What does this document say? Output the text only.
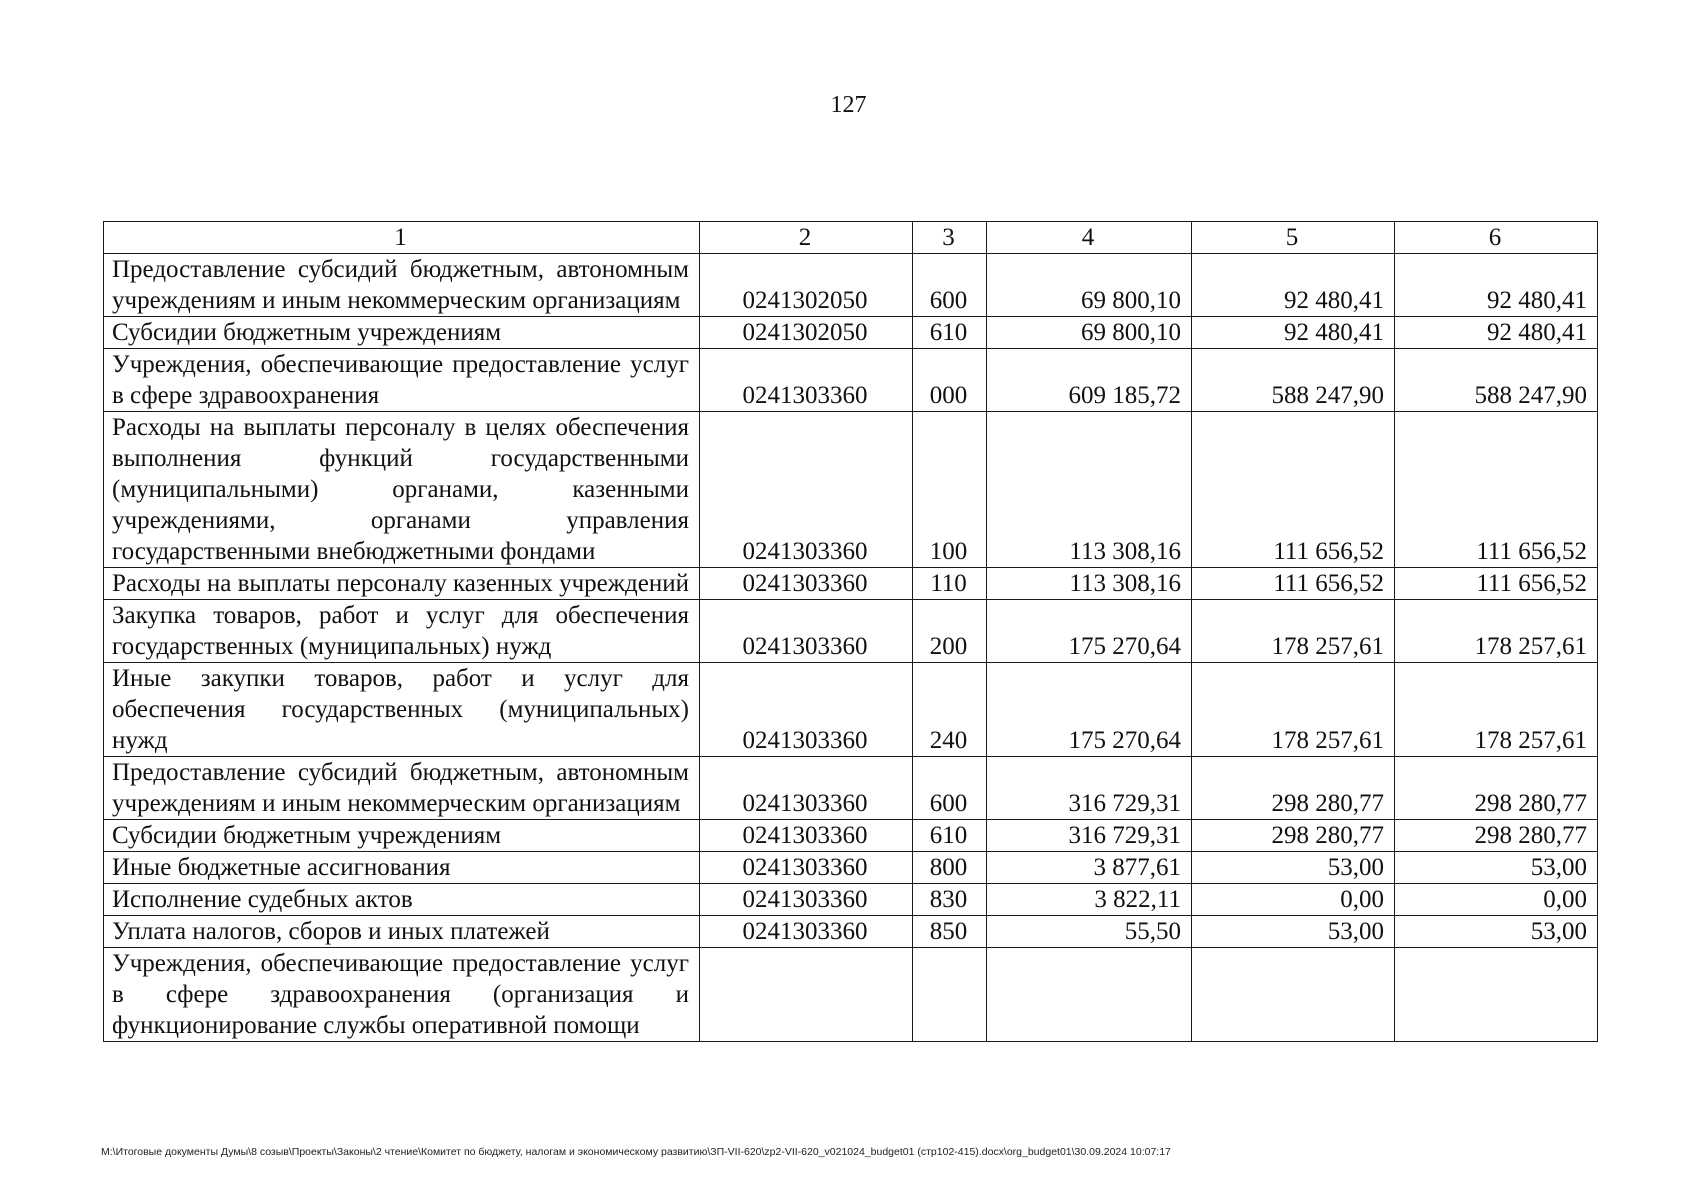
127
1	2	3	4	5	6
Предоставление субсидий бюджетным, автономным учреждениям и иным некоммерческим организациям	0241302050	600	69 800,10	92 480,41	92 480,41
Субсидии бюджетным учреждениям	0241302050	610	69 800,10	92 480,41	92 480,41
Учреждения, обеспечивающие предоставление услуг в сфере здравоохранения	0241303360	000	609 185,72	588 247,90	588 247,90
Расходы на выплаты персоналу в целях обеспечения выполнения функций государственными (муниципальными) органами, казенными учреждениями, органами управления государственными внебюджетными фондами	0241303360	100	113 308,16	111 656,52	111 656,52
Расходы на выплаты персоналу казенных учреждений	0241303360	110	113 308,16	111 656,52	111 656,52
Закупка товаров, работ и услуг для обеспечения государственных (муниципальных) нужд	0241303360	200	175 270,64	178 257,61	178 257,61
Иные закупки товаров, работ и услуг для обеспечения государственных (муниципальных) нужд	0241303360	240	175 270,64	178 257,61	178 257,61
Предоставление субсидий бюджетным, автономным учреждениям и иным некоммерческим организациям	0241303360	600	316 729,31	298 280,77	298 280,77
Субсидии бюджетным учреждениям	0241303360	610	316 729,31	298 280,77	298 280,77
Иные бюджетные ассигнования	0241303360	800	3 877,61	53,00	53,00
Исполнение судебных актов	0241303360	830	3 822,11	0,00	0,00
Уплата налогов, сборов и иных платежей	0241303360	850	55,50	53,00	53,00
Учреждения, обеспечивающие предоставление услуг в сфере здравоохранения (организация и функционирование службы оперативной помощи					
M:\Итоговые документы Думы\8 созыв\Проекты\Законы\2 чтение\Комитет по бюджету, налогам и экономическому развитию\ЗП-VII-620\zp2-VII-620_v021024_budget01 (стр102-415).docx\org_budget01\30.09.2024 10:07:17
